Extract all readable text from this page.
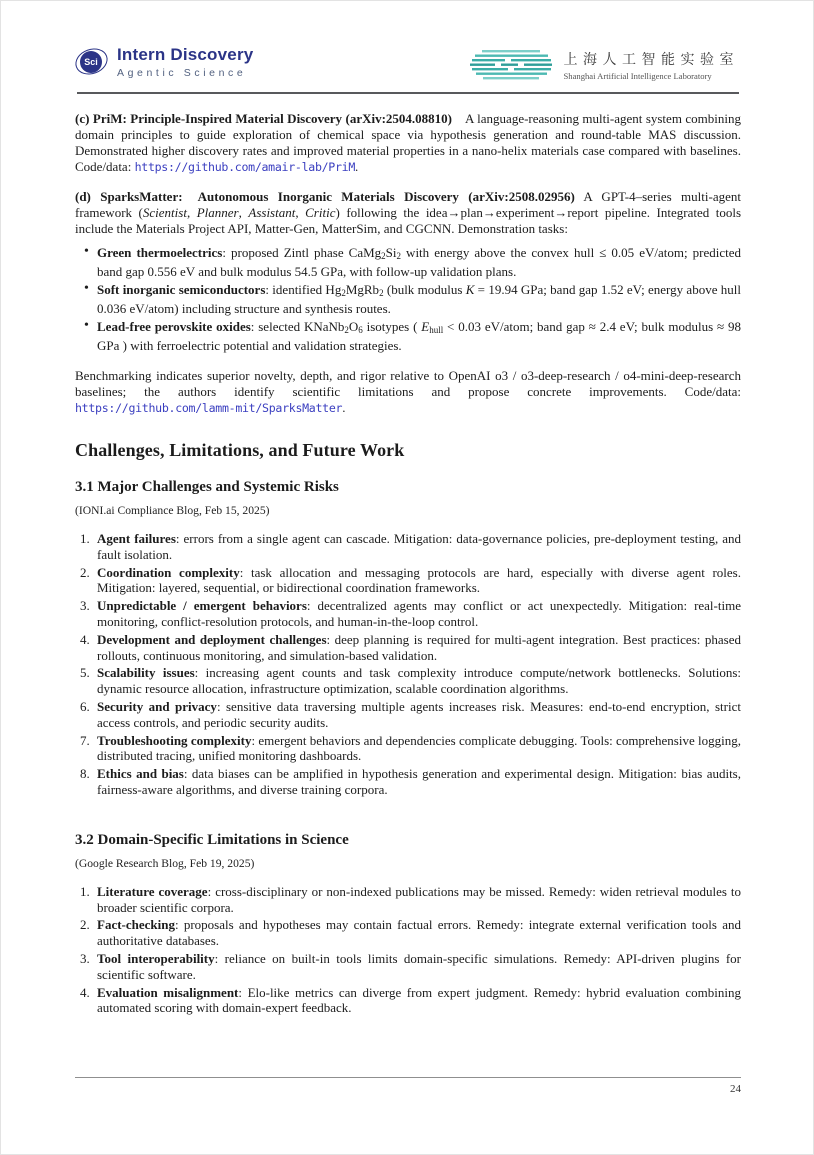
Sci Intern Discovery
Agentic Science
上海人工智能实验室
Shanghai Artificial Intelligence Laboratory

(c) PriM: Principle-Inspired Material Discovery (arXiv:2504.08810)  A language-reasoning multi-agent system combining domain principles to guide exploration of chemical space via hypothesis generation and round-table MAS discussion. Demonstrated higher discovery rates and improved material properties in a nano-helix materials case compared with baselines. Code/data: https://github.com/amair-lab/PriM.

(d) SparksMatter:  Autonomous Inorganic Materials Discovery (arXiv:2508.02956) A GPT-4–series multi-agent framework (Scientist, Planner, Assistant, Critic) following the idea→plan→experiment→report pipeline. Integrated tools include the Materials Project API, Matter-Gen, MatterSim, and CGCNN. Demonstration tasks:

• Green thermoelectrics: proposed Zintl phase CaMg2Si2 with energy above the convex hull ≤ 0.05 eV/atom; predicted band gap 0.556 eV and bulk modulus 54.5 GPa, with follow-up validation plans.
• Soft inorganic semiconductors: identified Hg2MgRb2 (bulk modulus K = 19.94 GPa; band gap 1.52 eV; energy above hull 0.036 eV/atom) including structure and synthesis routes.
• Lead-free perovskite oxides: selected KNaNb2O6 isotypes ( Ehull < 0.03 eV/atom; band gap ≈ 2.4 eV; bulk modulus ≈ 98 GPa ) with ferroelectric potential and validation strategies.

Benchmarking indicates superior novelty, depth, and rigor relative to OpenAI o3 / o3-deep-research / o4-mini-deep-research baselines; the authors identify scientific limitations and propose concrete improvements. Code/data: https://github.com/lamm-mit/SparksMatter.

Challenges, Limitations, and Future Work
3.1 Major Challenges and Systemic Risks

(IONI.ai Compliance Blog, Feb 15, 2025)

Agent failures: errors from a single agent can cascade. Mitigation: data-governance policies, pre-deployment testing, and fault isolation.
Coordination complexity: task allocation and messaging protocols are hard, especially with diverse agent roles. Mitigation: layered, sequential, or bidirectional coordination frameworks.
Unpredictable / emergent behaviors: decentralized agents may conflict or act unexpectedly. Mitigation: real-time monitoring, conflict-resolution protocols, and human-in-the-loop control.
Development and deployment challenges: deep planning is required for multi-agent integration. Best practices: phased rollouts, continuous monitoring, and simulation-based validation.
Scalability issues: increasing agent counts and task complexity introduce compute/network bottlenecks. Solutions: dynamic resource allocation, infrastructure optimization, scalable coordination algorithms.
Security and privacy: sensitive data traversing multiple agents increases risk. Measures: end-to-end encryption, strict access controls, and periodic security audits.
Troubleshooting complexity: emergent behaviors and dependencies complicate debugging. Tools: comprehensive logging, distributed tracing, unified monitoring dashboards.
Ethics and bias: data biases can be amplified in hypothesis generation and experimental design. Mitigation: bias audits, fairness-aware algorithms, and diverse training corpora.
3.2 Domain-Specific Limitations in Science

(Google Research Blog, Feb 19, 2025)

Literature coverage: cross-disciplinary or non-indexed publications may be missed. Remedy: widen retrieval modules to broader scientific corpora.
Fact-checking: proposals and hypotheses may contain factual errors. Remedy: integrate external verification tools and authoritative databases.
Tool interoperability: reliance on built-in tools limits domain-specific simulations. Remedy: API-driven plugins for scientific software.
Evaluation misalignment: Elo-like metrics can diverge from expert judgment. Remedy: hybrid evaluation combining automated scoring with domain-expert feedback.
24
